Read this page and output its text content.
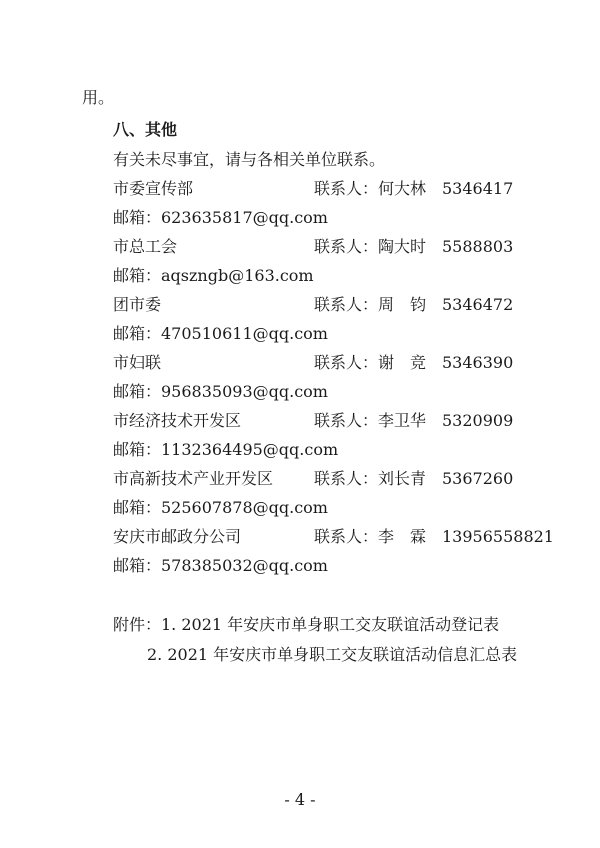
用。
八、其他
有关未尽事宜，请与各相关单位联系。
市委宣传部	联系人：何大林　5346417
邮箱：623635817@qq.com
市总工会	联系人：陶大时　5588803
邮箱：aqszngb@163.com
团市委	联系人：周　钧　5346472
邮箱：470510611@qq.com
市妇联	联系人：谢　竞　5346390
邮箱：956835093@qq.com
市经济技术开发区	联系人：李卫华　5320909
邮箱：1132364495@qq.com
市高新技术产业开发区	联系人：刘长青　5367260
邮箱：525607878@qq.com
安庆市邮政分公司	联系人：李　霖　13956558821
邮箱：578385032@qq.com
附件：1. 2021 年安庆市单身职工交友联谊活动登记表
2. 2021 年安庆市单身职工交友联谊活动信息汇总表
- 4 -
